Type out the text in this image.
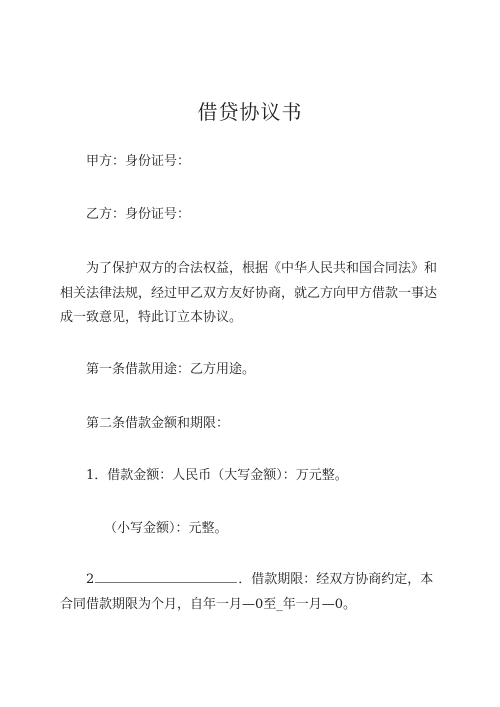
借贷协议书
甲方：身份证号：
乙方：身份证号：
为了保护双方的合法权益，根据《中华人民共和国合同法》和相关法律法规，经过甲乙双方友好协商，就乙方向甲方借款一事达成一致意见，特此订立本协议。
第一条借款用途：乙方用途。
第二条借款金额和期限：
1．借款金额：人民币（大写金额）：万元整。
（小写金额）：元整。
2	．借款期限：经双方协商约定，本合同借款期限为个月，自年一月—0至_年一月—0。
